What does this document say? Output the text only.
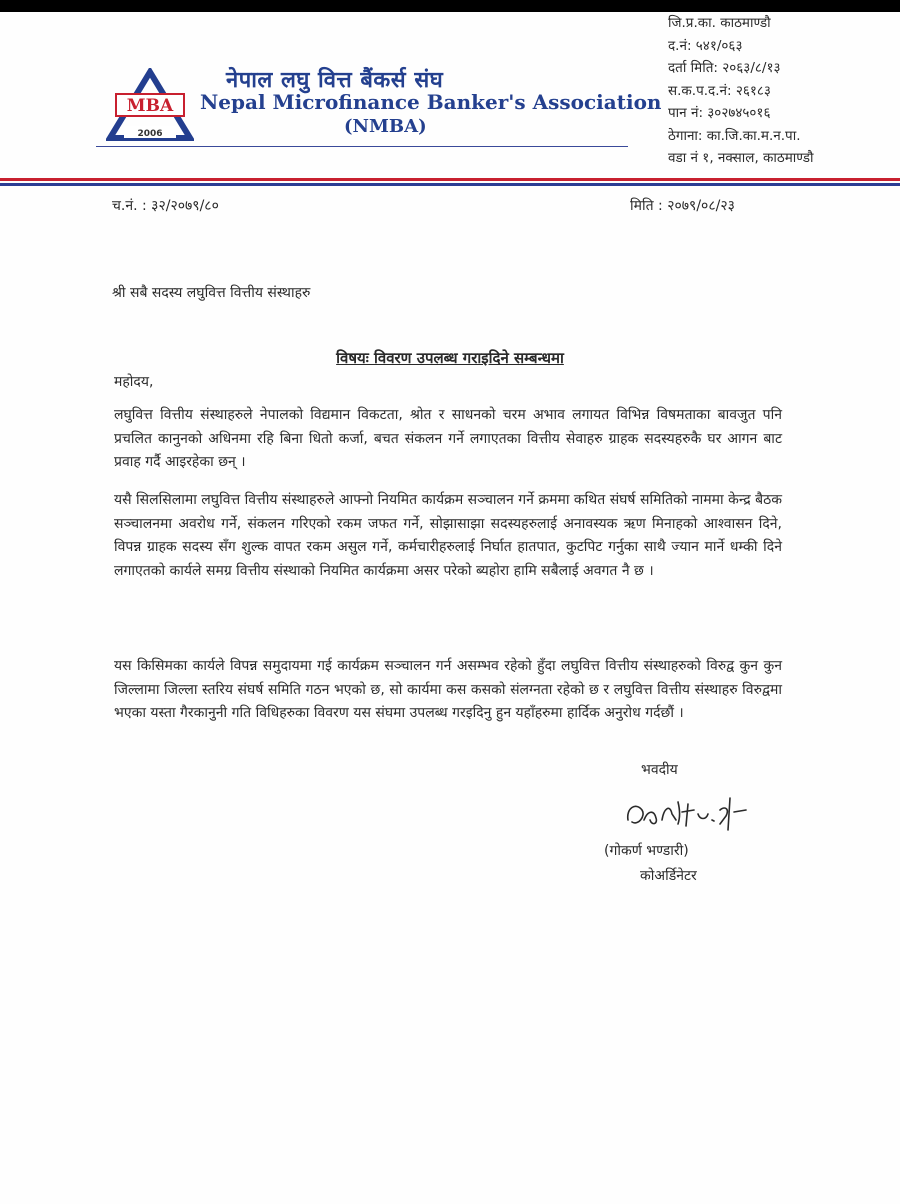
MBA
2006
नेपाल लघु वित्त बैंकर्स संघ
Nepal Microfinance Banker's Association
(NMBA)
जि.प्र.का. काठमाण्डौ
द.नं: ५४१/०६३
दर्ता मिति: २०६३/८/१३
स.क.प.द.नं: २६१८३
पान नं: ३०२७४५०१६
ठेगाना: का.जि.का.म.न.पा.
वडा नं १, नक्साल, काठमाण्डौ
च.नं. : ३२/२०७९/८०	मिति : २०७९/०८/२३
श्री सबै सदस्य लघुवित्त वित्तीय संस्थाहरु
विषयः विवरण उपलब्ध गराइदिने सम्बन्धमा
महोदय,
लघुवित्त वित्तीय संस्थाहरुले नेपालको विद्यमान विकटता, श्रोत र साधनको चरम अभाव लगायत विभिन्न विषमताका बावजुत पनि प्रचलित कानुनको अधिनमा रहि बिना धितो कर्जा, बचत संकलन गर्ने लगाएतका वित्तीय सेवाहरु ग्राहक सदस्यहरुकै घर आगन बाट प्रवाह गर्दै आइरहेका छन् ।
यसै सिलसिलामा लघुवित्त वित्तीय संस्थाहरुले आफ्नो नियमित कार्यक्रम सञ्चालन गर्ने क्रममा कथित संघर्ष समितिको नाममा केन्द्र बैठक सञ्चालनमा अवरोध गर्ने, संकलन गरिएको रकम जफत गर्ने, सोझासाझा सदस्यहरुलाई अनावस्यक ऋण मिनाहको आश्वासन दिने, विपन्न ग्राहक सदस्य सँग शुल्क वापत रकम असुल गर्ने, कर्मचारीहरुलाई निर्घात हातपात, कुटपिट गर्नुका साथै ज्यान मार्ने धम्की दिने लगाएतको कार्यले समग्र वित्तीय संस्थाको नियमित कार्यक्रमा असर परेको ब्यहोरा हामि सबैलाई अवगत नै छ ।
यस किसिमका कार्यले विपन्न समुदायमा गई कार्यक्रम सञ्चालन गर्न असम्भव रहेको हुँदा लघुवित्त वित्तीय संस्थाहरुको विरुद्व कुन कुन जिल्लामा जिल्ला स्तरिय संघर्ष समिति गठन भएको छ, सो कार्यमा कस कसको संलग्नता रहेको छ र लघुवित्त वित्तीय संस्थाहरु विरुद्वमा भएका यस्ता गैरकानुनी गति विधिहरुका विवरण यस संघमा उपलब्ध गरइदिनु हुन यहाँहरुमा हार्दिक अनुरोध गर्दछौं ।
भवदीय
(गोकर्ण भण्डारी)
कोअर्डिनेटर
